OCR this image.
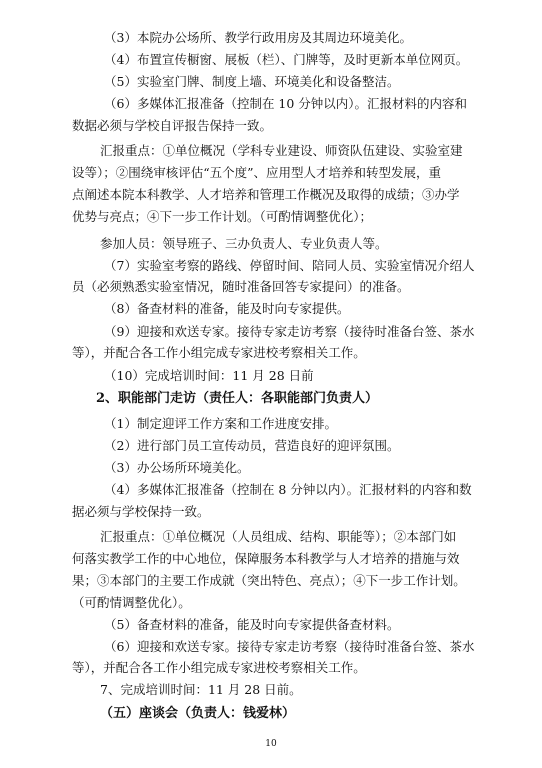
（3）本院办公场所、教学行政用房及其周边环境美化。
（4）布置宣传橱窗、展板（栏）、门牌等，及时更新本单位网页。
（5）实验室门牌、制度上墙、环境美化和设备整洁。
（6）多媒体汇报准备（控制在 10 分钟以内）。汇报材料的内容和
数据必须与学校自评报告保持一致。
汇报重点：①单位概况（学科专业建设、师资队伍建设、实验室建
设等）；②围绕审核评估“五个度”、应用型人才培养和转型发展，重
点阐述本院本科教学、人才培养和管理工作概况及取得的成绩；③办学
优势与亮点；④下一步工作计划。（可酌情调整优化）；
参加人员：领导班子、三办负责人、专业负责人等。
（7）实验室考察的路线、停留时间、陪同人员、实验室情况介绍人
员（必须熟悉实验室情况，随时准备回答专家提问）的准备。
（8）备查材料的准备，能及时向专家提供。
（9）迎接和欢送专家。接待专家走访考察（接待时准备台签、茶水
等），并配合各工作小组完成专家进校考察相关工作。
（10）完成培训时间：11 月 28 日前
2、职能部门走访（责任人：各职能部门负责人）
（1）制定迎评工作方案和工作进度安排。
（2）进行部门员工宣传动员，营造良好的迎评氛围。
（3）办公场所环境美化。
（4）多媒体汇报准备（控制在 8 分钟以内）。汇报材料的内容和数
据必须与学校保持一致。
汇报重点：①单位概况（人员组成、结构、职能等）；②本部门如
何落实教学工作的中心地位，保障服务本科教学与人才培养的措施与效
果；③本部门的主要工作成就（突出特色、亮点）；④下一步工作计划。
（可酌情调整优化）。
（5）备查材料的准备，能及时向专家提供备查材料。
（6）迎接和欢送专家。接待专家走访考察（接待时准备台签、茶水
等），并配合各工作小组完成专家进校考察相关工作。
7、完成培训时间：11 月 28 日前。
（五）座谈会（负责人：钱爱林）
10
